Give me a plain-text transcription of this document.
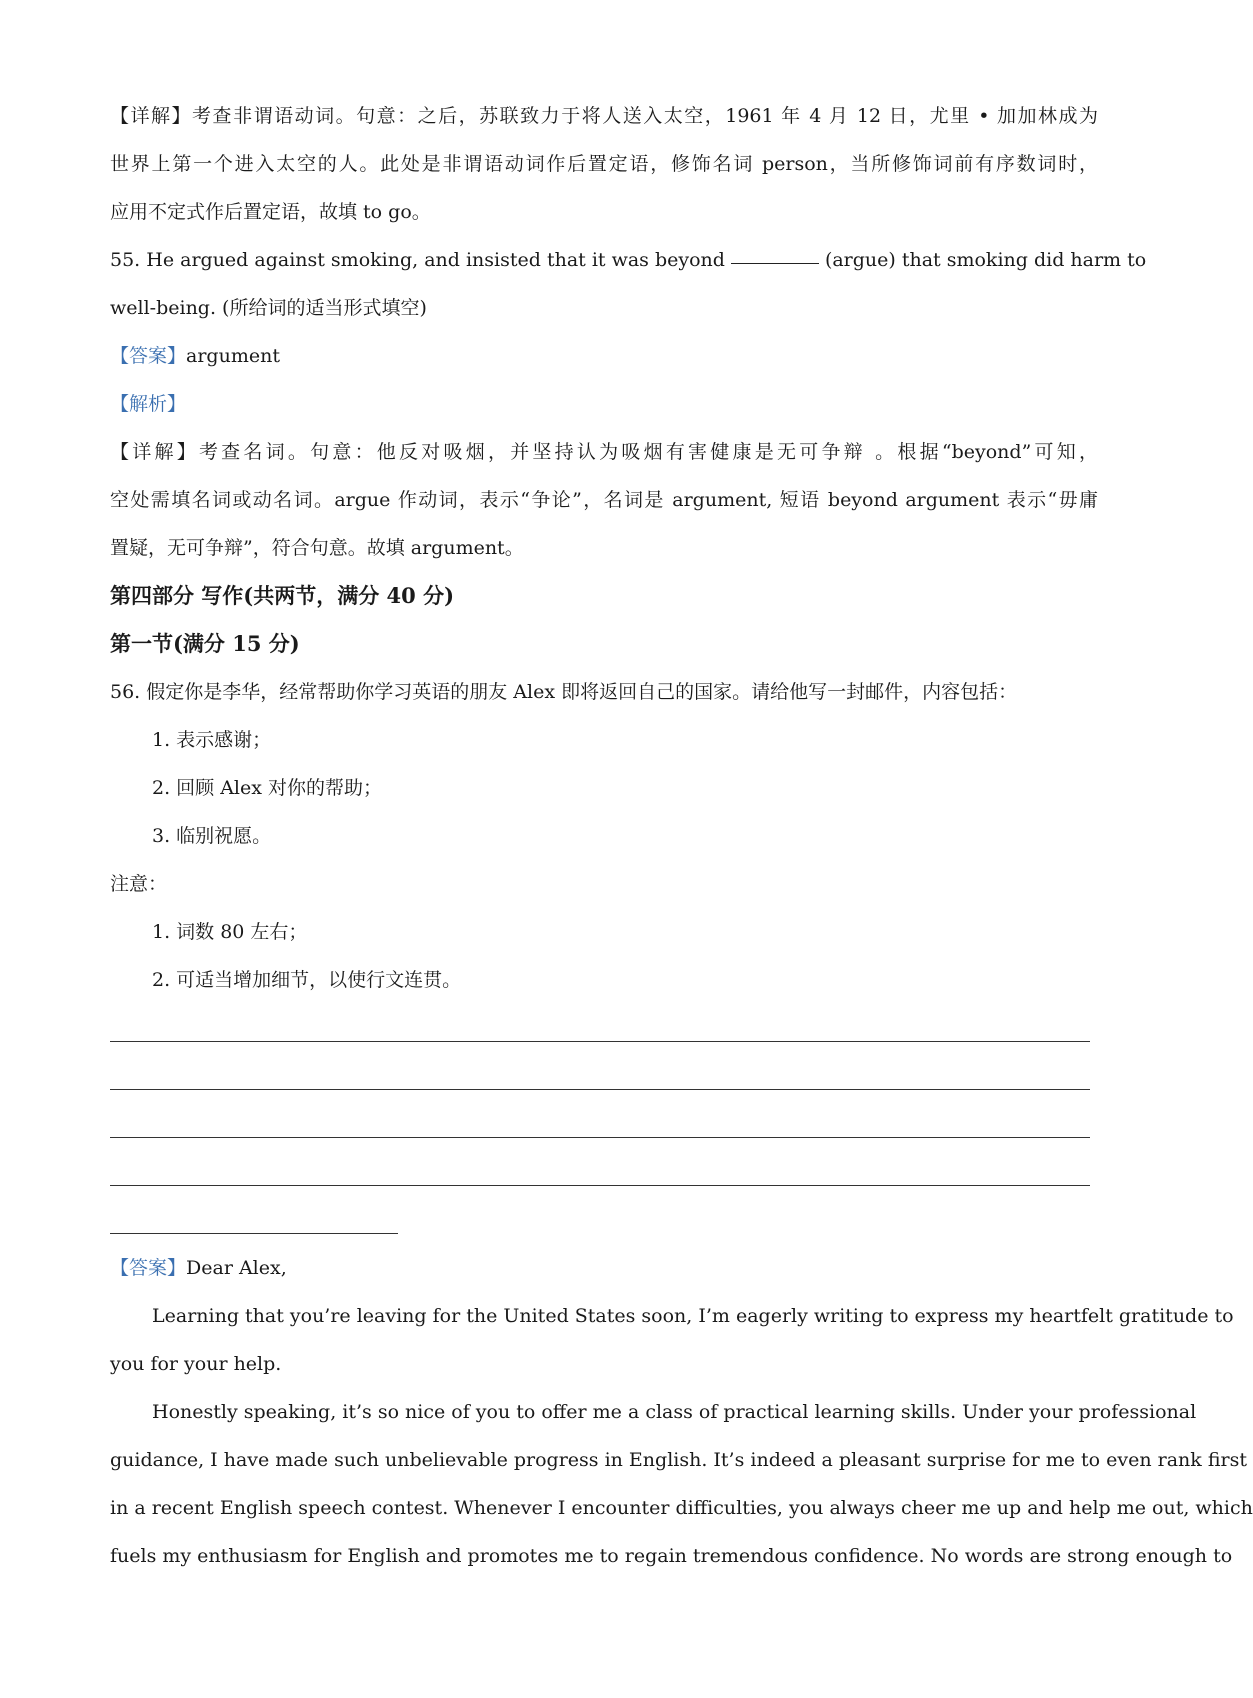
【详解】考查非谓语动词。句意：之后，苏联致力于将人送入太空，1961 年 4 月 12 日，尤里 • 加加林成为
世界上第一个进入太空的人。此处是非谓语动词作后置定语，修饰名词 person，当所修饰词前有序数词时，
应用不定式作后置定语，故填 to go。
55. He argued against smoking, and insisted that it was beyond	(argue) that smoking did harm to
well-being. (所给词的适当形式填空)
【答案】argument
【解析】
【详解】考查名词。句意：他反对吸烟，并坚持认为吸烟有害健康是无可争辩 。根据“beyond”可知，
空处需填名词或动名词。argue 作动词，表示“争论”，名词是 argument, 短语 beyond argument 表示“毋庸
置疑，无可争辩”，符合句意。故填 argument。
第四部分 写作(共两节，满分 40 分)
第一节(满分 15 分)
56. 假定你是李华，经常帮助你学习英语的朋友 Alex 即将返回自己的国家。请给他写一封邮件，内容包括：
1. 表示感谢；
2. 回顾 Alex 对你的帮助；
3. 临别祝愿。
注意：
1. 词数 80 左右；
2. 可适当增加细节，以使行文连贯。
【答案】Dear Alex,
Learning that you’re leaving for the United States soon, I’m eagerly writing to express my heartfelt gratitude to
you for your help.
Honestly speaking, it’s so nice of you to offer me a class of practical learning skills. Under your professional
guidance, I have made such unbelievable progress in English. It’s indeed a pleasant surprise for me to even rank first
in a recent English speech contest. Whenever I encounter difficulties, you always cheer me up and help me out, which
fuels my enthusiasm for English and promotes me to regain tremendous confidence. No words are strong enough to
